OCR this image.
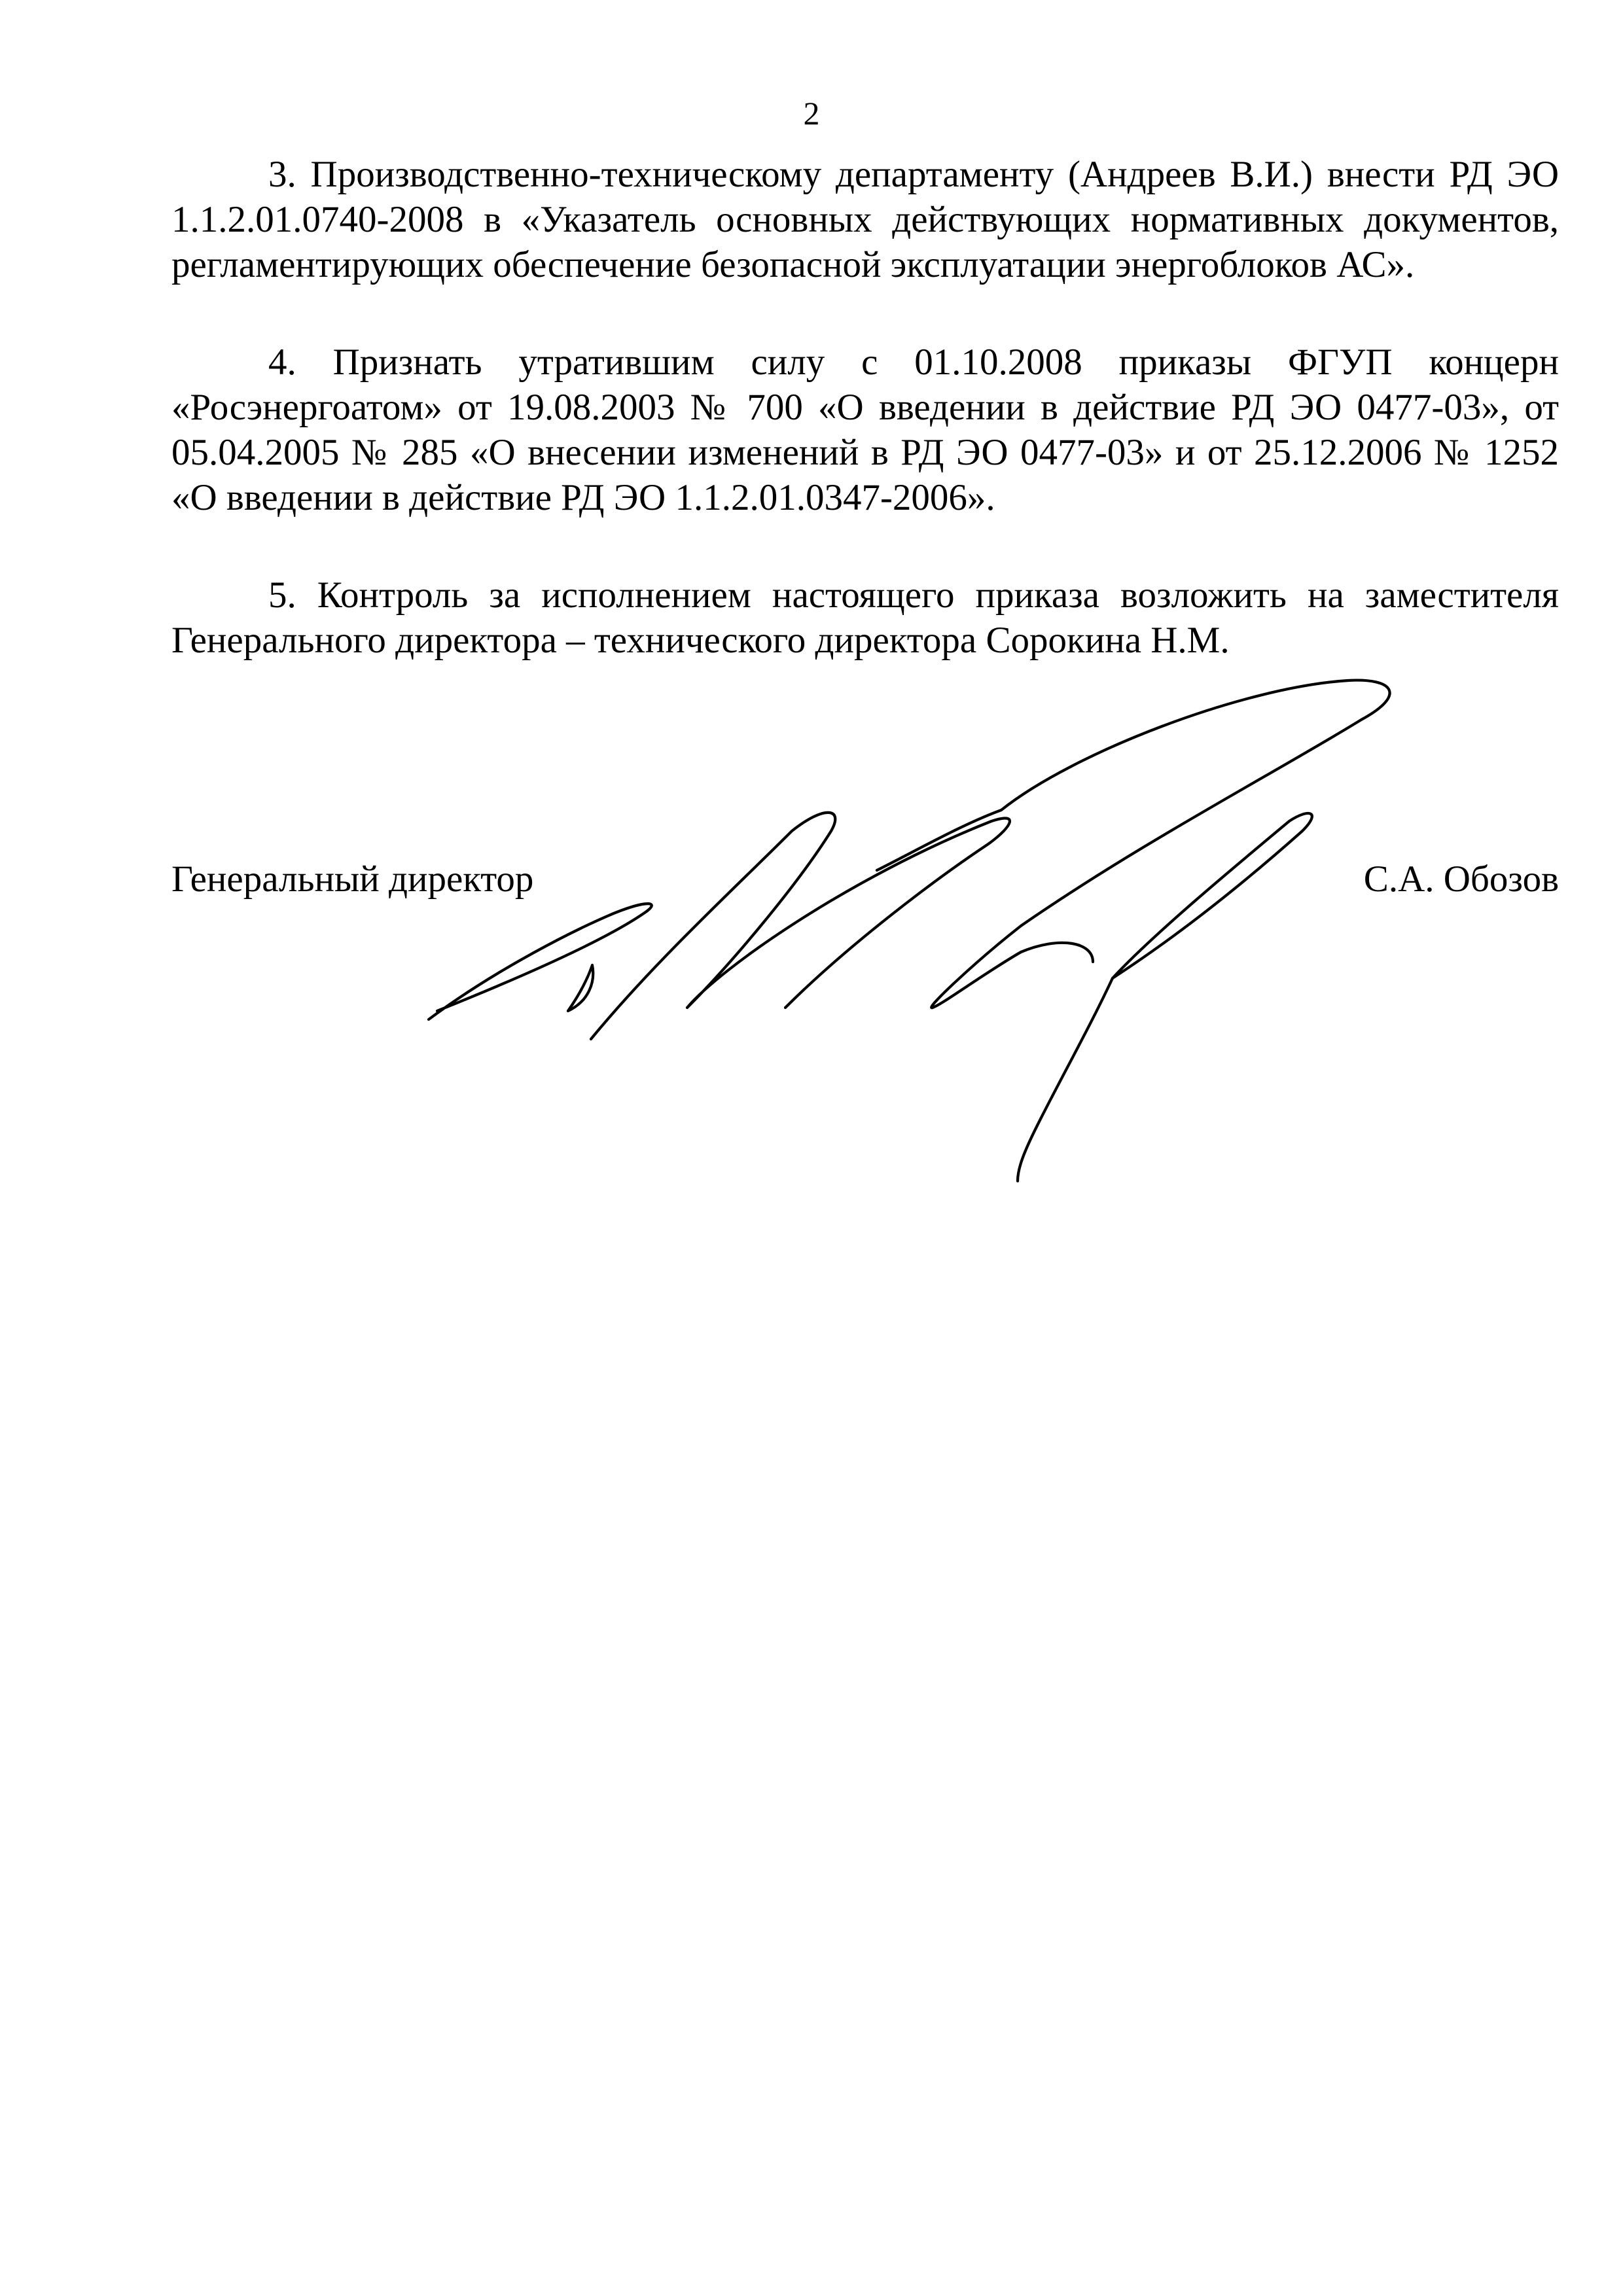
2

3. Производственно-техническому департаменту (Андреев В.И.) внести РД ЭО 1.1.2.01.0740-2008 в «Указатель основных действующих нормативных документов, регламентирующих обеспечение безопасной эксплуатации энергоблоков АС».

4. Признать утратившим силу с 01.10.2008 приказы ФГУП концерн «Росэнергоатом» от 19.08.2003 № 700 «О введении в действие РД ЭО 0477-03», от 05.04.2005 № 285 «О внесении изменений в РД ЭО 0477-03» и от 25.12.2006 № 1252 «О введении в действие РД ЭО 1.1.2.01.0347-2006».

5. Контроль за исполнением настоящего приказа возложить на заместителя Генерального директора – технического директора Сорокина Н.М.

Генеральный директор	С.А. Обозов
